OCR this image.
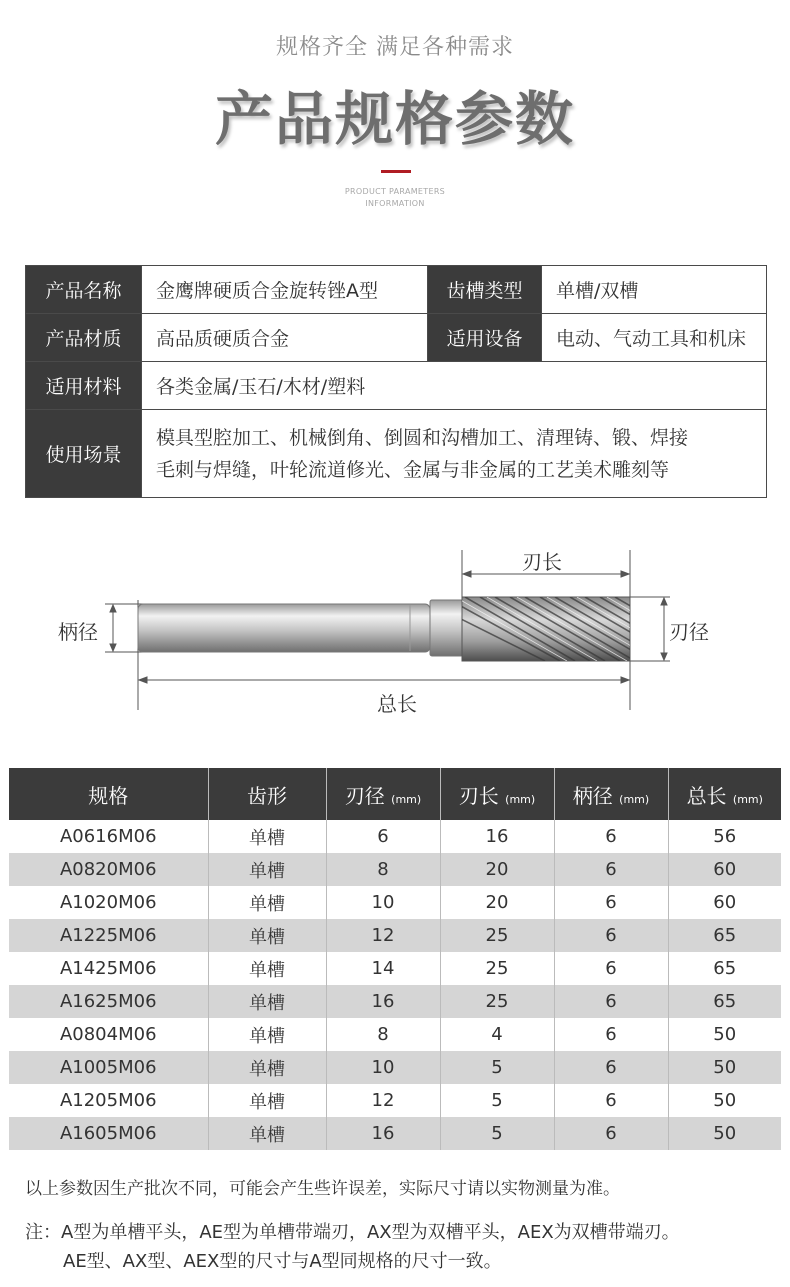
规格齐全 满足各种需求
产品规格参数
PRODUCT PARAMETERS
INFORMATION
产品名称	金鹰牌硬质合金旋转锉A型	齿槽类型	单槽/双槽
产品材质	高品质硬质合金	适用设备	电动、气动工具和机床
适用材料	各类金属/玉石/木材/塑料		
使用场景	模具型腔加工、机械倒角、倒圆和沟槽加工、清理铸、锻、焊接
毛刺与焊缝，叶轮流道修光、金属与非金属的工艺美术雕刻等		
刃长
刃径
柄径
总长
规格	齿形	刃径 (mm)	刃长 (mm)	柄径 (mm)	总长 (mm)
A0616M06	单槽	6	16	6	56
A0820M06	单槽	8	20	6	60
A1020M06	单槽	10	20	6	60
A1225M06	单槽	12	25	6	65
A1425M06	单槽	14	25	6	65
A1625M06	单槽	16	25	6	65
A0804M06	单槽	8	4	6	50
A1005M06	单槽	10	5	6	50
A1205M06	单槽	12	5	6	50
A1605M06	单槽	16	5	6	50
以上参数因生产批次不同，可能会产生些许误差，实际尺寸请以实物测量为准。
注：A型为单槽平头，AE型为单槽带端刃，AX型为双槽平头，AEX为双槽带端刃。
AE型、AX型、AEX型的尺寸与A型同规格的尺寸一致。
